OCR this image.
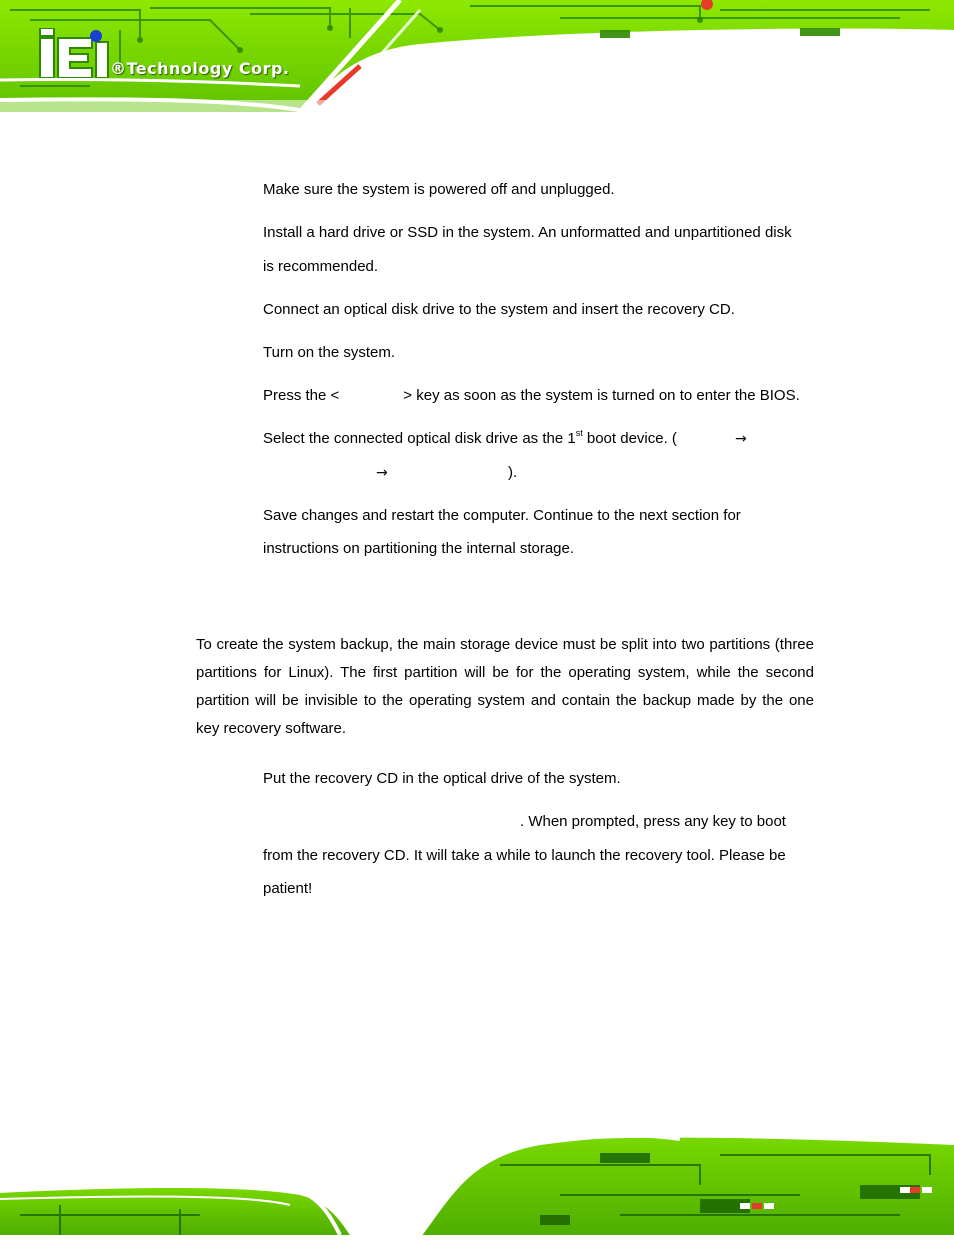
®Technology Corp.
Make sure the system is powered off and unplugged.
Install a hard drive or SSD in the system. An unformatted and unpartitioned disk
is recommended.
Connect an optical disk drive to the system and insert the recovery CD.
Turn on the system.
Press the <	> key as soon as the system is turned on to enter the BIOS.
Select the connected optical disk drive as the 1st boot device. (	→
→	).
Save changes and restart the computer. Continue to the next section for
instructions on partitioning the internal storage.
To create the system backup, the main storage device must be split into two partitions (three partitions for Linux). The first partition will be for the operating system, while the second partition will be invisible to the operating system and contain the backup made by the one key recovery software.
Put the recovery CD in the optical drive of the system.
. When prompted, press any key to boot
from the recovery CD. It will take a while to launch the recovery tool. Please be
patient!
